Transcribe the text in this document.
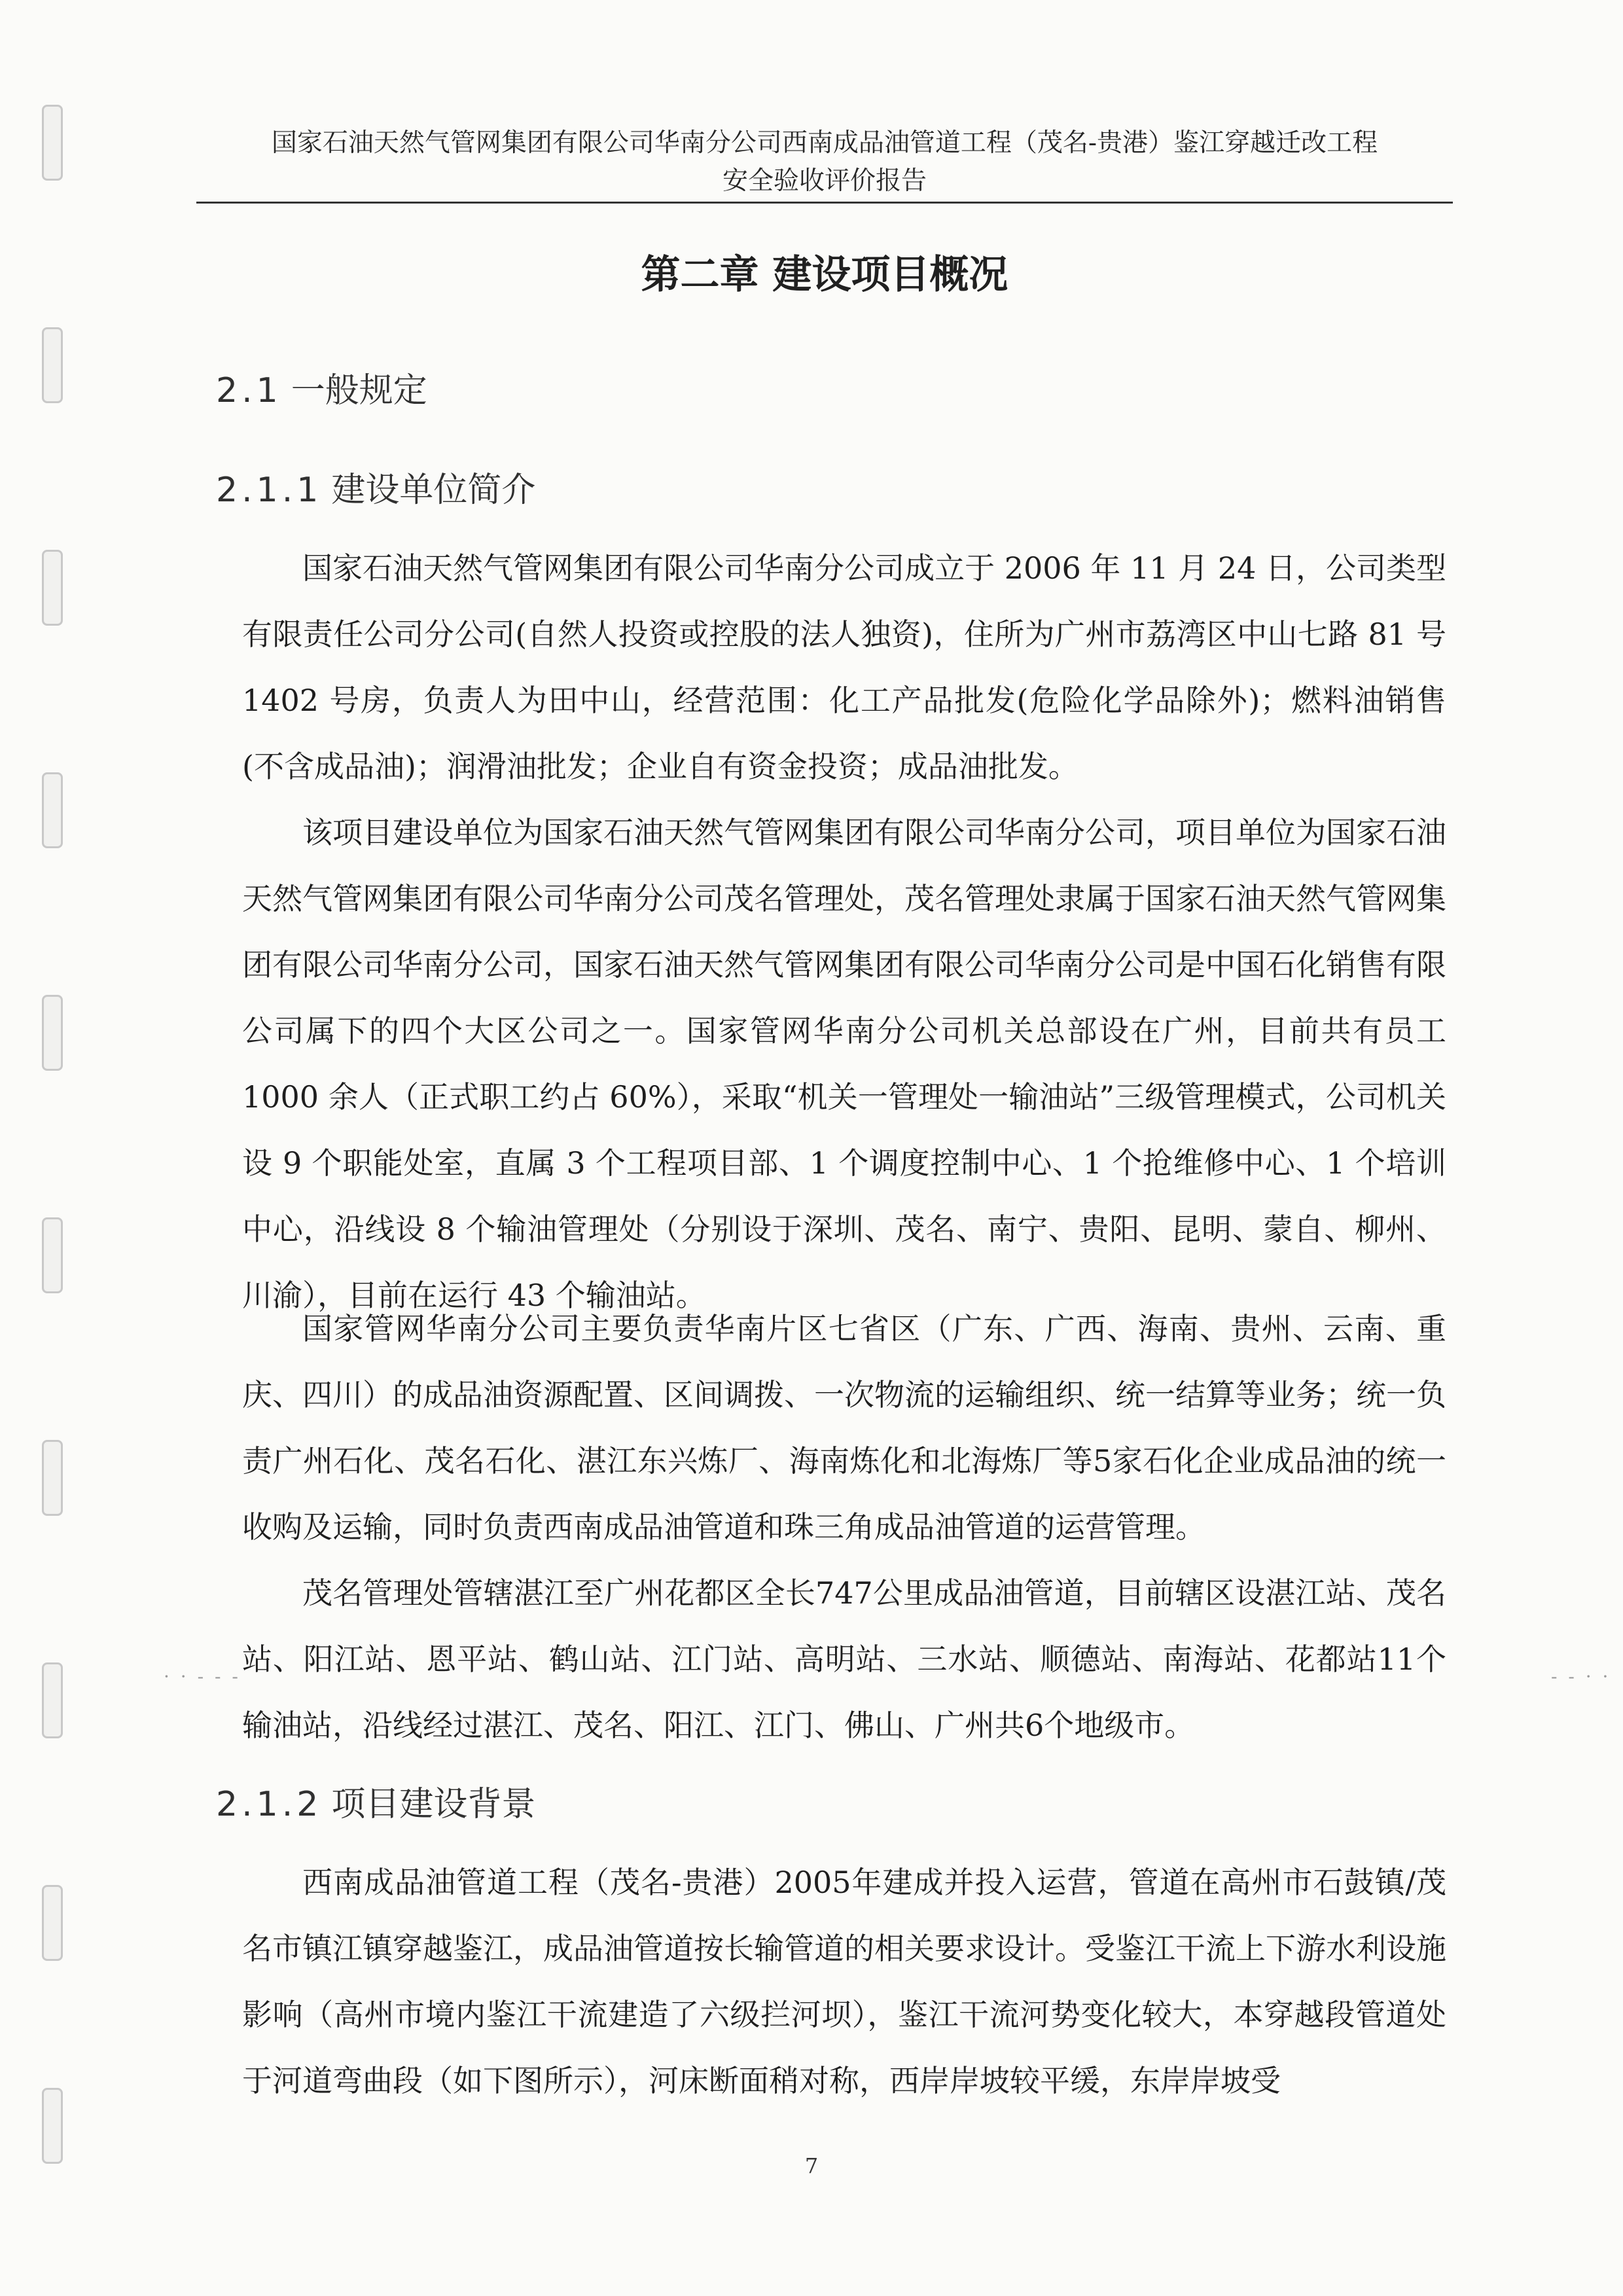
· · - - -	- - · ·
国家石油天然气管网集团有限公司华南分公司西南成品油管道工程（茂名-贵港）鉴江穿越迁改工程
安全验收评价报告
第二章 建设项目概况
2.1 一般规定
2.1.1 建设单位简介

国家石油天然气管网集团有限公司华南分公司成立于 2006 年 11 月 24 日，公司类型有限责任公司分公司(自然人投资或控股的法人独资)，住所为广州市荔湾区中山七路 81 号 1402 号房，负责人为田中山，经营范围：化工产品批发(危险化学品除外)；燃料油销售(不含成品油)；润滑油批发；企业自有资金投资；成品油批发。

该项目建设单位为国家石油天然气管网集团有限公司华南分公司，项目单位为国家石油天然气管网集团有限公司华南分公司茂名管理处，茂名管理处隶属于国家石油天然气管网集团有限公司华南分公司，国家石油天然气管网集团有限公司华南分公司是中国石化销售有限公司属下的四个大区公司之一。国家管网华南分公司机关总部设在广州，目前共有员工 1000 余人（正式职工约占 60%），采取“机关一管理处一输油站”三级管理模式，公司机关设 9 个职能处室，直属 3 个工程项目部、1 个调度控制中心、1 个抢维修中心、1 个培训中心，沿线设 8 个输油管理处（分别设于深圳、茂名、南宁、贵阳、昆明、蒙自、柳州、川渝），目前在运行 43 个输油站。

国家管网华南分公司主要负责华南片区七省区（广东、广西、海南、贵州、云南、重庆、四川）的成品油资源配置、区间调拨、一次物流的运输组织、统一结算等业务；统一负责广州石化、茂名石化、湛江东兴炼厂、海南炼化和北海炼厂等5家石化企业成品油的统一收购及运输，同时负责西南成品油管道和珠三角成品油管道的运营管理。

茂名管理处管辖湛江至广州花都区全长747公里成品油管道，目前辖区设湛江站、茂名站、阳江站、恩平站、鹤山站、江门站、高明站、三水站、顺德站、南海站、花都站11个输油站，沿线经过湛江、茂名、阳江、江门、佛山、广州共6个地级市。

2.1.2 项目建设背景

西南成品油管道工程（茂名-贵港）2005年建成并投入运营，管道在高州市石鼓镇/茂名市镇江镇穿越鉴江，成品油管道按长输管道的相关要求设计。受鉴江干流上下游水利设施影响（高州市境内鉴江干流建造了六级拦河坝），鉴江干流河势变化较大，本穿越段管道处于河道弯曲段（如下图所示），河床断面稍对称，西岸岸坡较平缓，东岸岸坡受

7
